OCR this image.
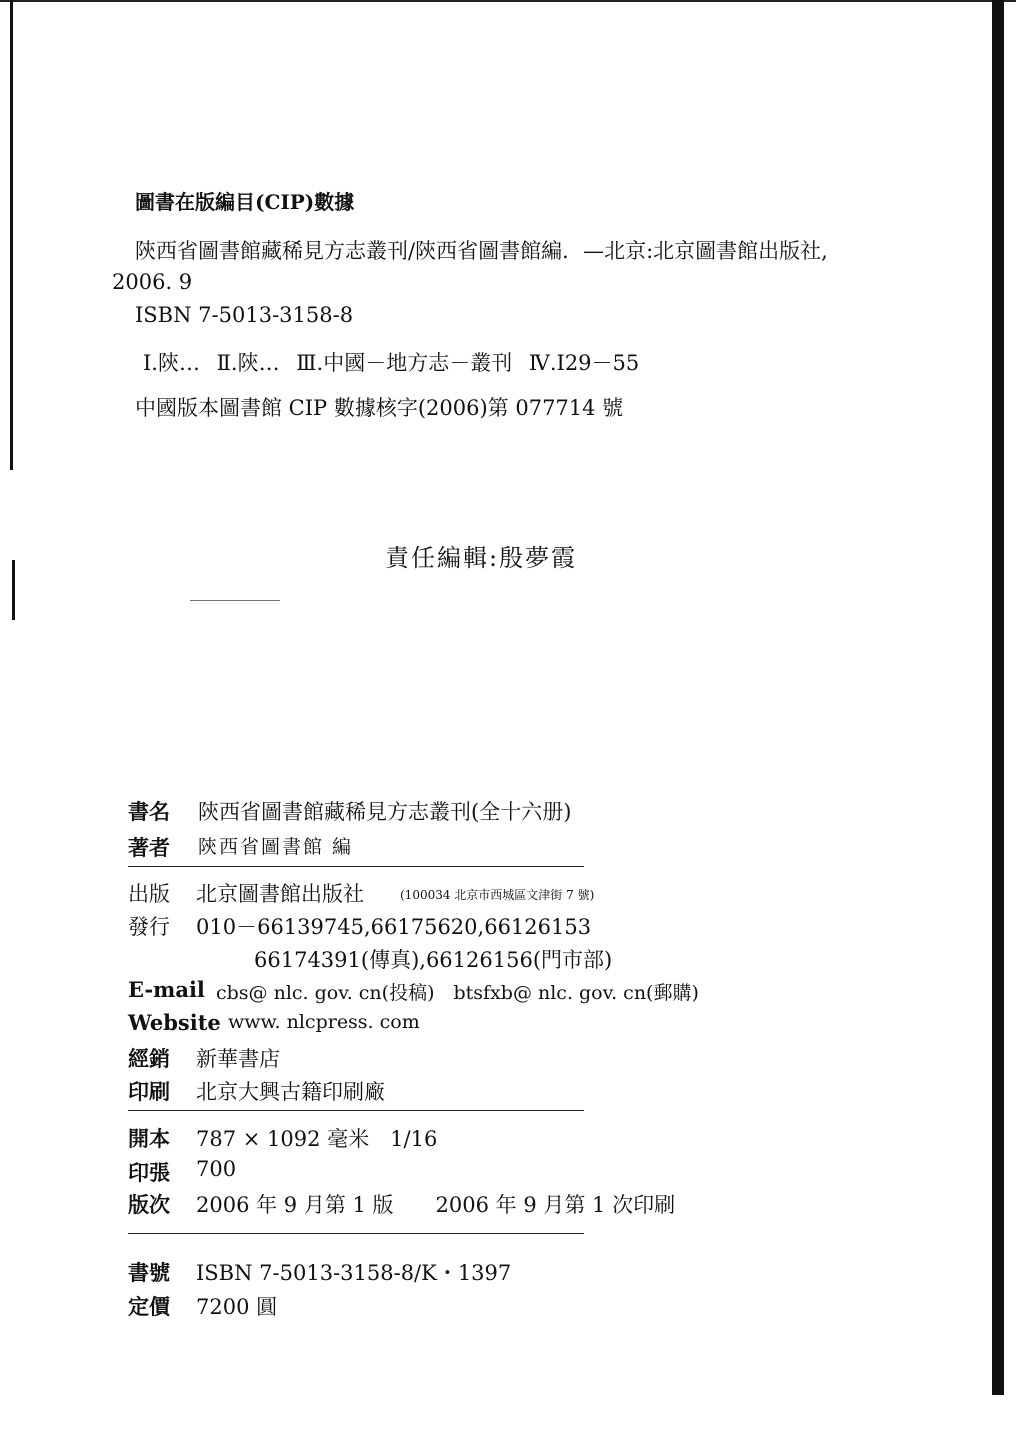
圖書在版編目(CIP)數據
陝西省圖書館藏稀見方志叢刊/陝西省圖書館編．—北京:北京圖書館出版社,
2006. 9
ISBN 7-5013-3158-8
Ⅰ.陝… Ⅱ.陝… Ⅲ.中國－地方志－叢刊 Ⅳ.I29－55
中國版本圖書館 CIP 數據核字(2006)第 077714 號
責任編輯:殷夢霞
書名 陝西省圖書館藏稀見方志叢刊(全十六册)
著者 陝西省圖書館 編
出版 北京圖書館出版社	(100034 北京市西城區文津街 7 號)
發行 010－66139745,66175620,66126153
66174391(傳真),66126156(門市部)
E-mail cbs@ nlc. gov. cn(投稿)　btsfxb@ nlc. gov. cn(郵購)
Website www. nlcpress. com
經銷 新華書店
印刷 北京大興古籍印刷廠
開本 787 × 1092 毫米　1/16
印張 700
版次 2006 年 9 月第 1 版　　2006 年 9 月第 1 次印刷
書號 ISBN 7-5013-3158-8/K・1397
定價 7200 圓
